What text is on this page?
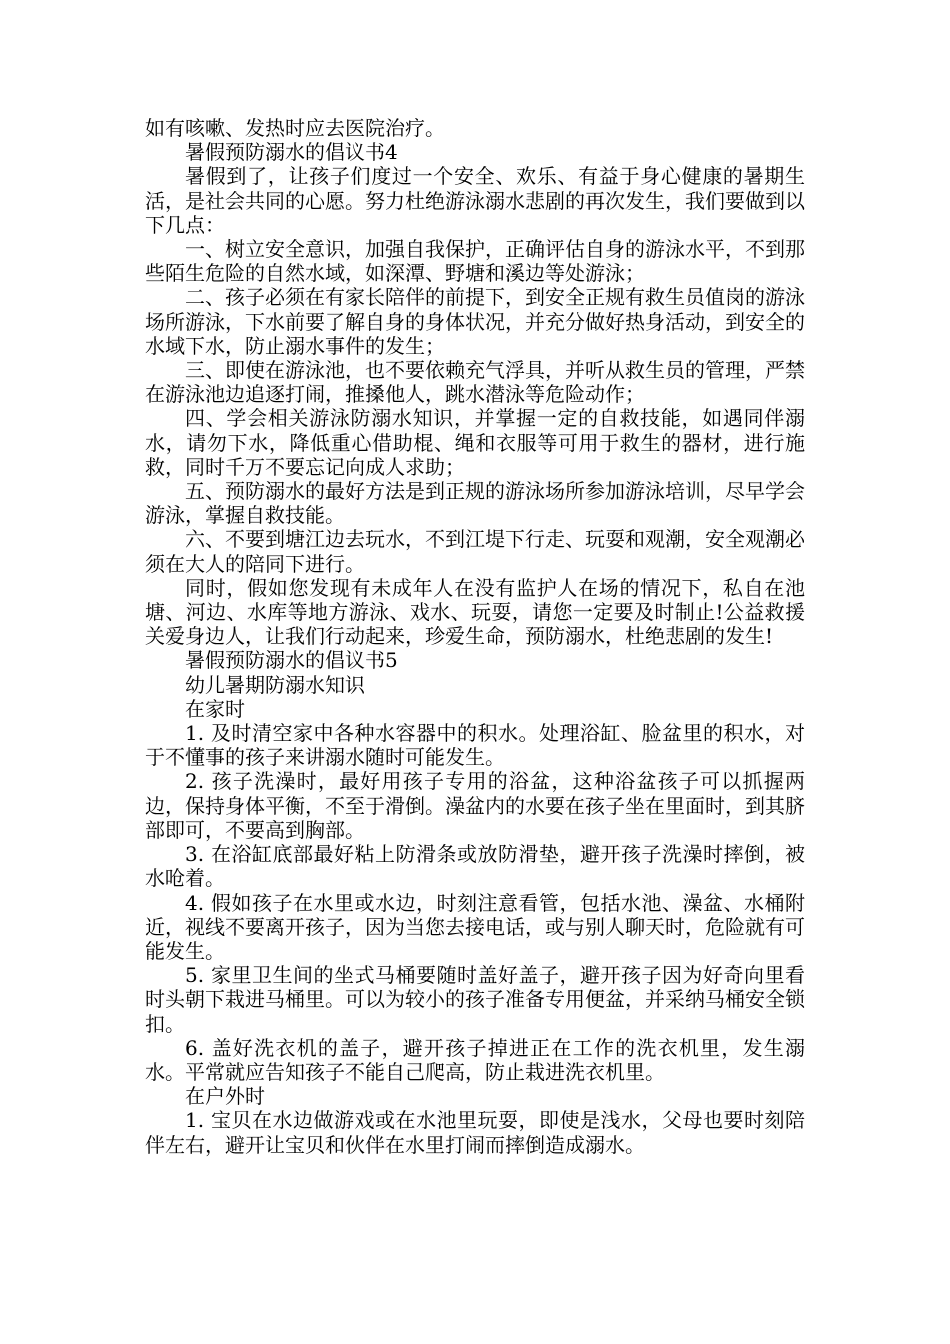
如有咳嗽、发热时应去医院治疗。

暑假预防溺水的倡议书4

暑假到了，让孩子们度过一个安全、欢乐、有益于身心健康的暑期生活，是社会共同的心愿。努力杜绝游泳溺水悲剧的再次发生，我们要做到以下几点：

一、树立安全意识，加强自我保护，正确评估自身的游泳水平，不到那些陌生危险的自然水域，如深潭、野塘和溪边等处游泳；

二、孩子必须在有家长陪伴的前提下，到安全正规有救生员值岗的游泳场所游泳，下水前要了解自身的身体状况，并充分做好热身活动，到安全的水域下水，防止溺水事件的发生；

三、即使在游泳池，也不要依赖充气浮具，并听从救生员的管理，严禁在游泳池边追逐打闹，推搡他人，跳水潜泳等危险动作；

四、学会相关游泳防溺水知识，并掌握一定的自救技能，如遇同伴溺水，请勿下水，降低重心借助棍、绳和衣服等可用于救生的器材，进行施救，同时千万不要忘记向成人求助；

五、预防溺水的最好方法是到正规的游泳场所参加游泳培训，尽早学会游泳，掌握自救技能。

六、不要到塘江边去玩水，不到江堤下行走、玩耍和观潮，安全观潮必须在大人的陪同下进行。

同时，假如您发现有未成年人在没有监护人在场的情况下，私自在池塘、河边、水库等地方游泳、戏水、玩耍，请您一定要及时制止!公益救援关爱身边人，让我们行动起来，珍爱生命，预防溺水，杜绝悲剧的发生!

暑假预防溺水的倡议书5

幼儿暑期防溺水知识

在家时

1. 及时清空家中各种水容器中的积水。处理浴缸、脸盆里的积水，对于不懂事的孩子来讲溺水随时可能发生。

2. 孩子洗澡时，最好用孩子专用的浴盆，这种浴盆孩子可以抓握两边，保持身体平衡，不至于滑倒。澡盆内的水要在孩子坐在里面时，到其脐部即可，不要高到胸部。

3. 在浴缸底部最好粘上防滑条或放防滑垫，避开孩子洗澡时摔倒，被水呛着。

4. 假如孩子在水里或水边，时刻注意看管，包括水池、澡盆、水桶附近，视线不要离开孩子，因为当您去接电话，或与别人聊天时，危险就有可能发生。

5. 家里卫生间的坐式马桶要随时盖好盖子，避开孩子因为好奇向里看时头朝下栽进马桶里。可以为较小的孩子准备专用便盆，并采纳马桶安全锁扣。

6. 盖好洗衣机的盖子，避开孩子掉进正在工作的洗衣机里，发生溺水。平常就应告知孩子不能自己爬高，防止栽进洗衣机里。

在户外时

1. 宝贝在水边做游戏或在水池里玩耍，即使是浅水，父母也要时刻陪伴左右，避开让宝贝和伙伴在水里打闹而摔倒造成溺水。
